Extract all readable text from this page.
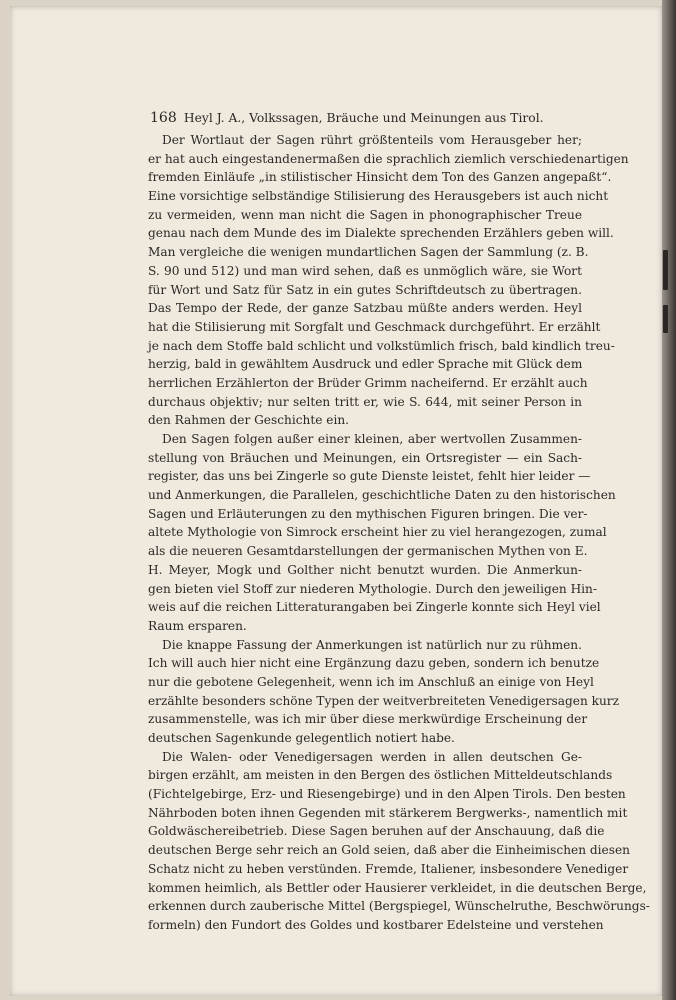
168 Heyl J. A., Volkssagen, Bräuche und Meinungen aus Tirol.
Der Wortlaut der Sagen rührt größtenteils vom Herausgeber her;
er hat auch eingestandenermaßen die sprachlich ziemlich verschiedenartigen
fremden Einläufe „in stilistischer Hinsicht dem Ton des Ganzen angepaßt“.
Eine vorsichtige selbständige Stilisierung des Herausgebers ist auch nicht
zu vermeiden, wenn man nicht die Sagen in phonographischer Treue
genau nach dem Munde des im Dialekte sprechenden Erzählers geben will.
Man vergleiche die wenigen mundartlichen Sagen der Sammlung (z. B.
S. 90 und 512) und man wird sehen, daß es unmöglich wäre, sie Wort
für Wort und Satz für Satz in ein gutes Schriftdeutsch zu übertragen.
Das Tempo der Rede, der ganze Satzbau müßte anders werden. Heyl
hat die Stilisierung mit Sorgfalt und Geschmack durchgeführt. Er erzählt
je nach dem Stoffe bald schlicht und volkstümlich frisch, bald kindlich treu-
herzig, bald in gewähltem Ausdruck und edler Sprache mit Glück dem
herrlichen Erzählerton der Brüder Grimm nacheifernd. Er erzählt auch
durchaus objektiv; nur selten tritt er, wie S. 644, mit seiner Person in
den Rahmen der Geschichte ein.
Den Sagen folgen außer einer kleinen, aber wertvollen Zusammen-
stellung von Bräuchen und Meinungen, ein Ortsregister — ein Sach-
register, das uns bei Zingerle so gute Dienste leistet, fehlt hier leider —
und Anmerkungen, die Parallelen, geschichtliche Daten zu den historischen
Sagen und Erläuterungen zu den mythischen Figuren bringen. Die ver-
altete Mythologie von Simrock erscheint hier zu viel herangezogen, zumal
als die neueren Gesamtdarstellungen der germanischen Mythen von E.
H. Meyer, Mogk und Golther nicht benutzt wurden. Die Anmerkun-
gen bieten viel Stoff zur niederen Mythologie. Durch den jeweiligen Hin-
weis auf die reichen Litteraturangaben bei Zingerle konnte sich Heyl viel
Raum ersparen.
Die knappe Fassung der Anmerkungen ist natürlich nur zu rühmen.
Ich will auch hier nicht eine Ergänzung dazu geben, sondern ich benutze
nur die gebotene Gelegenheit, wenn ich im Anschluß an einige von Heyl
erzählte besonders schöne Typen der weitverbreiteten Venedigersagen kurz
zusammenstelle, was ich mir über diese merkwürdige Erscheinung der
deutschen Sagenkunde gelegentlich notiert habe.
Die Walen- oder Venedigersagen werden in allen deutschen Ge-
birgen erzählt, am meisten in den Bergen des östlichen Mitteldeutschlands
(Fichtelgebirge, Erz- und Riesengebirge) und in den Alpen Tirols. Den besten
Nährboden boten ihnen Gegenden mit stärkerem Bergwerks-, namentlich mit
Goldwäschereibetrieb. Diese Sagen beruhen auf der Anschauung, daß die
deutschen Berge sehr reich an Gold seien, daß aber die Einheimischen diesen
Schatz nicht zu heben verstünden. Fremde, Italiener, insbesondere Venediger
kommen heimlich, als Bettler oder Hausierer verkleidet, in die deutschen Berge,
erkennen durch zauberische Mittel (Bergspiegel, Wünschelruthe, Beschwörungs-
formeln) den Fundort des Goldes und kostbarer Edelsteine und verstehen
